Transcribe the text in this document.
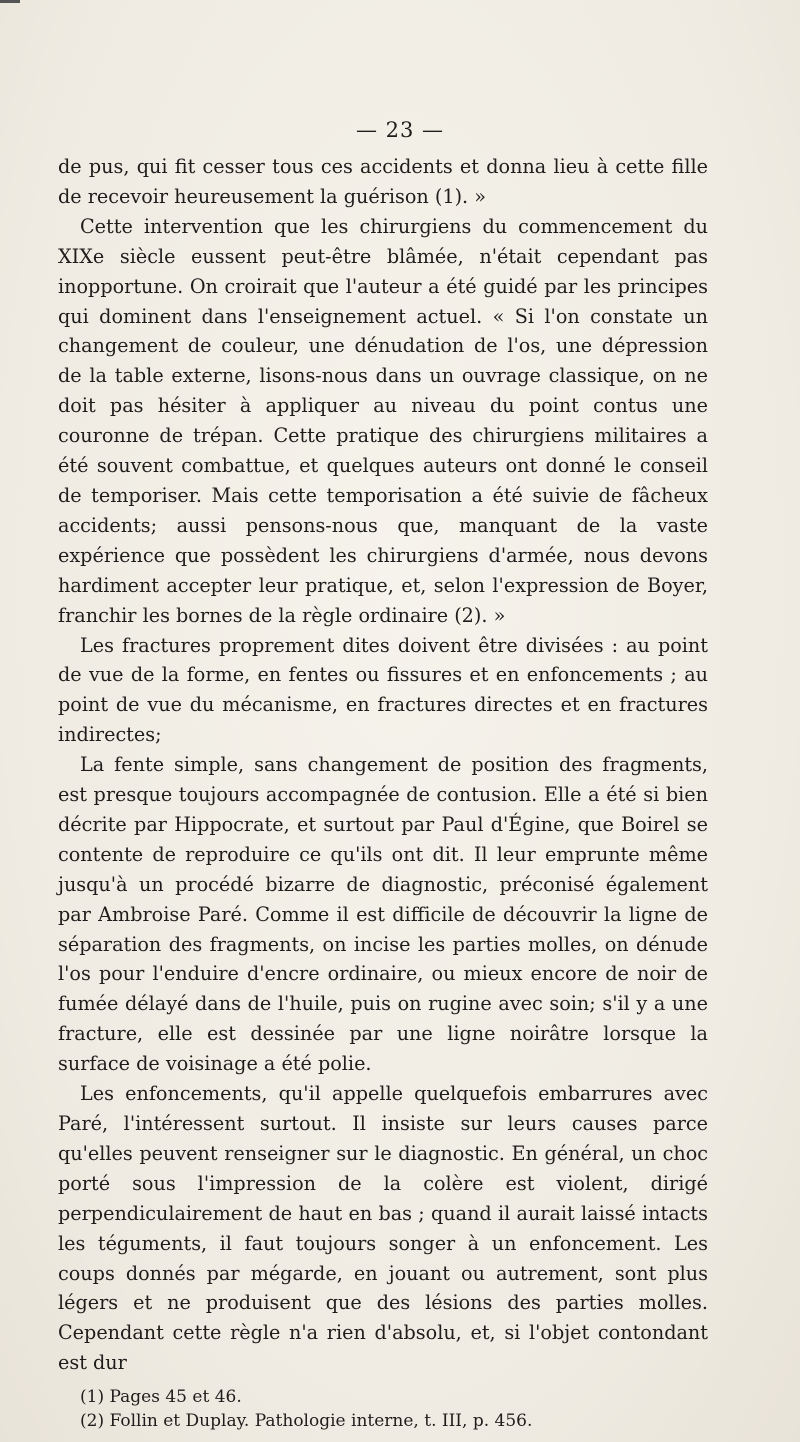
— 23 —

de pus, qui fit cesser tous ces accidents et donna lieu à cette fille de recevoir heureusement la guérison (1). »

Cette intervention que les chirurgiens du commencement du XIXe siècle eussent peut-être blâmée, n'était cependant pas inopportune. On croirait que l'auteur a été guidé par les principes qui dominent dans l'enseignement actuel. « Si l'on constate un changement de couleur, une dénudation de l'os, une dépression de la table externe, lisons-nous dans un ouvrage classique, on ne doit pas hésiter à appliquer au niveau du point contus une couronne de trépan. Cette pratique des chirurgiens militaires a été souvent combattue, et quelques auteurs ont donné le conseil de temporiser. Mais cette temporisation a été suivie de fâcheux accidents; aussi pensons-nous que, manquant de la vaste expérience que possèdent les chirurgiens d'armée, nous devons hardiment accepter leur pratique, et, selon l'expression de Boyer, franchir les bornes de la règle ordinaire (2). »

Les fractures proprement dites doivent être divisées : au point de vue de la forme, en fentes ou fissures et en enfoncements ; au point de vue du mécanisme, en fractures directes et en fractures indirectes;

La fente simple, sans changement de position des fragments, est presque toujours accompagnée de contusion. Elle a été si bien décrite par Hippocrate, et surtout par Paul d'Égine, que Boirel se contente de reproduire ce qu'ils ont dit. Il leur emprunte même jusqu'à un procédé bizarre de diagnostic, préconisé également par Ambroise Paré. Comme il est difficile de découvrir la ligne de séparation des fragments, on incise les parties molles, on dénude l'os pour l'enduire d'encre ordinaire, ou mieux encore de noir de fumée délayé dans de l'huile, puis on rugine avec soin; s'il y a une fracture, elle est dessinée par une ligne noirâtre lorsque la surface de voisinage a été polie.

Les enfoncements, qu'il appelle quelquefois embarrures avec Paré, l'intéressent surtout. Il insiste sur leurs causes parce qu'elles peuvent renseigner sur le diagnostic. En général, un choc porté sous l'impression de la colère est violent, dirigé perpendiculairement de haut en bas ; quand il aurait laissé intacts les téguments, il faut toujours songer à un enfoncement. Les coups donnés par mégarde, en jouant ou autrement, sont plus légers et ne produisent que des lésions des parties molles. Cependant cette règle n'a rien d'absolu, et, si l'objet contondant est dur

(1) Pages 45 et 46.
(2) Follin et Duplay. Pathologie interne, t. III, p. 456.
